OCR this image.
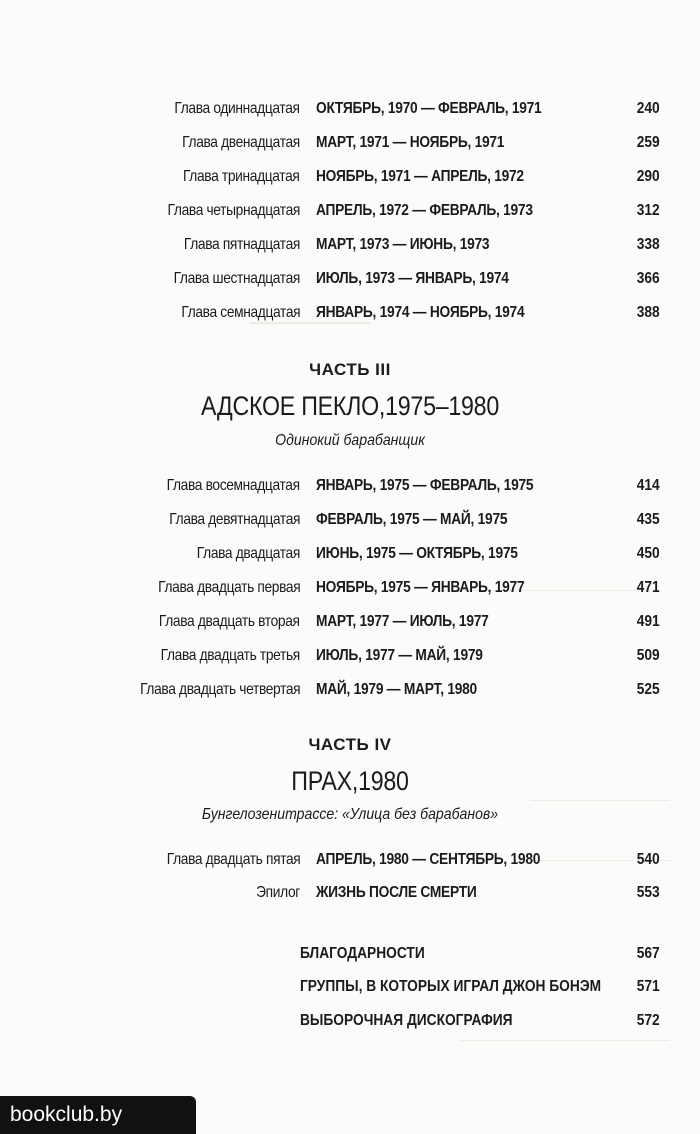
Глава одиннадцатая ОКТЯБРЬ, 1970 — ФЕВРАЛЬ, 1971	240
Глава двенадцатая МАРТ, 1971 — НОЯБРЬ, 1971	259
Глава тринадцатая НОЯБРЬ, 1971 — АПРЕЛЬ, 1972	290
Глава четырнадцатая АПРЕЛЬ, 1972 — ФЕВРАЛЬ, 1973	312
Глава пятнадцатая МАРТ, 1973 — ИЮНЬ, 1973	338
Глава шестнадцатая ИЮЛЬ, 1973 — ЯНВАРЬ, 1974	366
Глава семнадцатая ЯНВАРЬ, 1974 — НОЯБРЬ, 1974	388
ЧАСТЬ III
АДСКОЕ ПЕКЛО,1975–1980
Одинокий барабанщик
Глава восемнадцатая ЯНВАРЬ, 1975 — ФЕВРАЛЬ, 1975	414
Глава девятнадцатая ФЕВРАЛЬ, 1975 — МАЙ, 1975	435
Глава двадцатая ИЮНЬ, 1975 — ОКТЯБРЬ, 1975	450
Глава двадцать первая НОЯБРЬ, 1975 — ЯНВАРЬ, 1977	471
Глава двадцать вторая МАРТ, 1977 — ИЮЛЬ, 1977	491
Глава двадцать третья ИЮЛЬ, 1977 — МАЙ, 1979	509
Глава двадцать четвертая МАЙ, 1979 — МАРТ, 1980	525
ЧАСТЬ IV
ПРАХ,1980
Бунгелозенитрассе: «Улица без барабанов»
Глава двадцать пятая АПРЕЛЬ, 1980 — СЕНТЯБРЬ, 1980	540
Эпилог ЖИЗНЬ ПОСЛЕ СМЕРТИ	553
БЛАГОДАРНОСТИ	567
ГРУППЫ, В КОТОРЫХ ИГРАЛ ДЖОН БОНЭМ 571
ВЫБОРОЧНАЯ ДИСКОГРАФИЯ	572
bookclub.by
